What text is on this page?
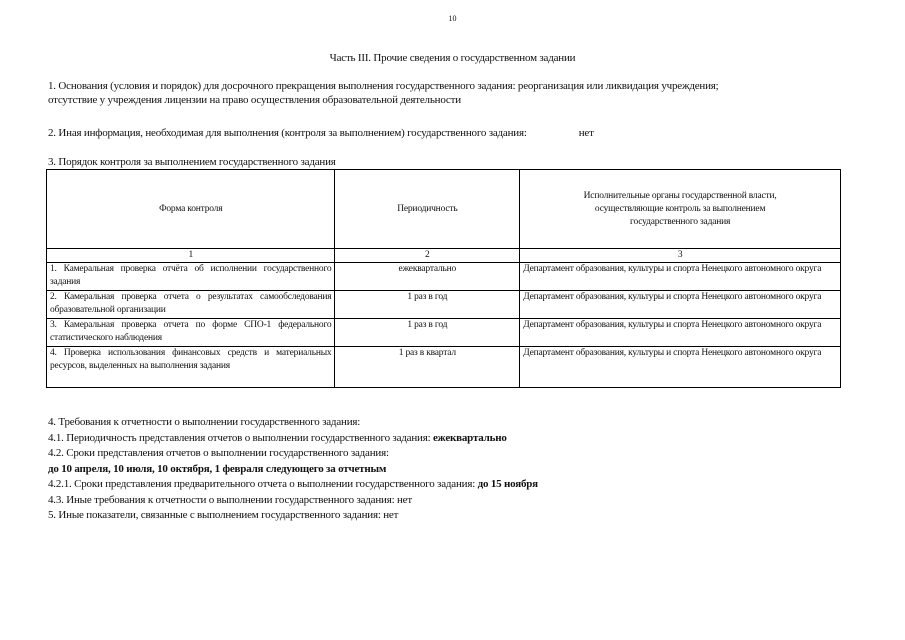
10
Часть III. Прочие сведения о государственном задании
1. Основания (условия и порядок) для досрочного прекращения выполнения государственного задания: реорганизация или ликвидация учреждения;
отсутствие у учреждения лицензии на право осуществления образовательной деятельности
2. Иная информация, необходимая для выполнения (контроля за выполнением) государственного задания:	нет
3. Порядок контроля за выполнением государственного задания
Форма контроля	Периодичность	Исполнительные органы государственной власти, осуществляющие контроль за выполнением государственного задания

1	2	3
1. Камеральная проверка отчёта об исполнении государственного задания	ежеквартально	Департамент образования, культуры и спорта Ненецкого автономного округа
2. Камеральная проверка отчета о результатах самообследования образовательной организации	1 раз в год	Департамент образования, культуры и спорта Ненецкого автономного округа
3. Камеральная проверка отчета по форме СПО-1 федерального статистического наблюдения	1 раз в год	Департамент образования, культуры и спорта Ненецкого автономного округа
4. Проверка использования финансовых средств и материальных ресурсов, выделенных на выполнения задания	1 раз в квартал	Департамент образования, культуры и спорта Ненецкого автономного округа
4. Требования к отчетности о выполнении государственного задания:
4.1. Периодичность представления отчетов о выполнении государственного задания: ежеквартально
4.2. Сроки представления отчетов о выполнении государственного задания:
до 10 апреля, 10 июля, 10 октября, 1 февраля следующего за отчетным
4.2.1. Сроки представления предварительного отчета о выполнении государственного задания: до 15 ноября
4.3. Иные требования к отчетности о выполнении государственного задания: нет
5. Иные показатели, связанные с выполнением государственного задания: нет
